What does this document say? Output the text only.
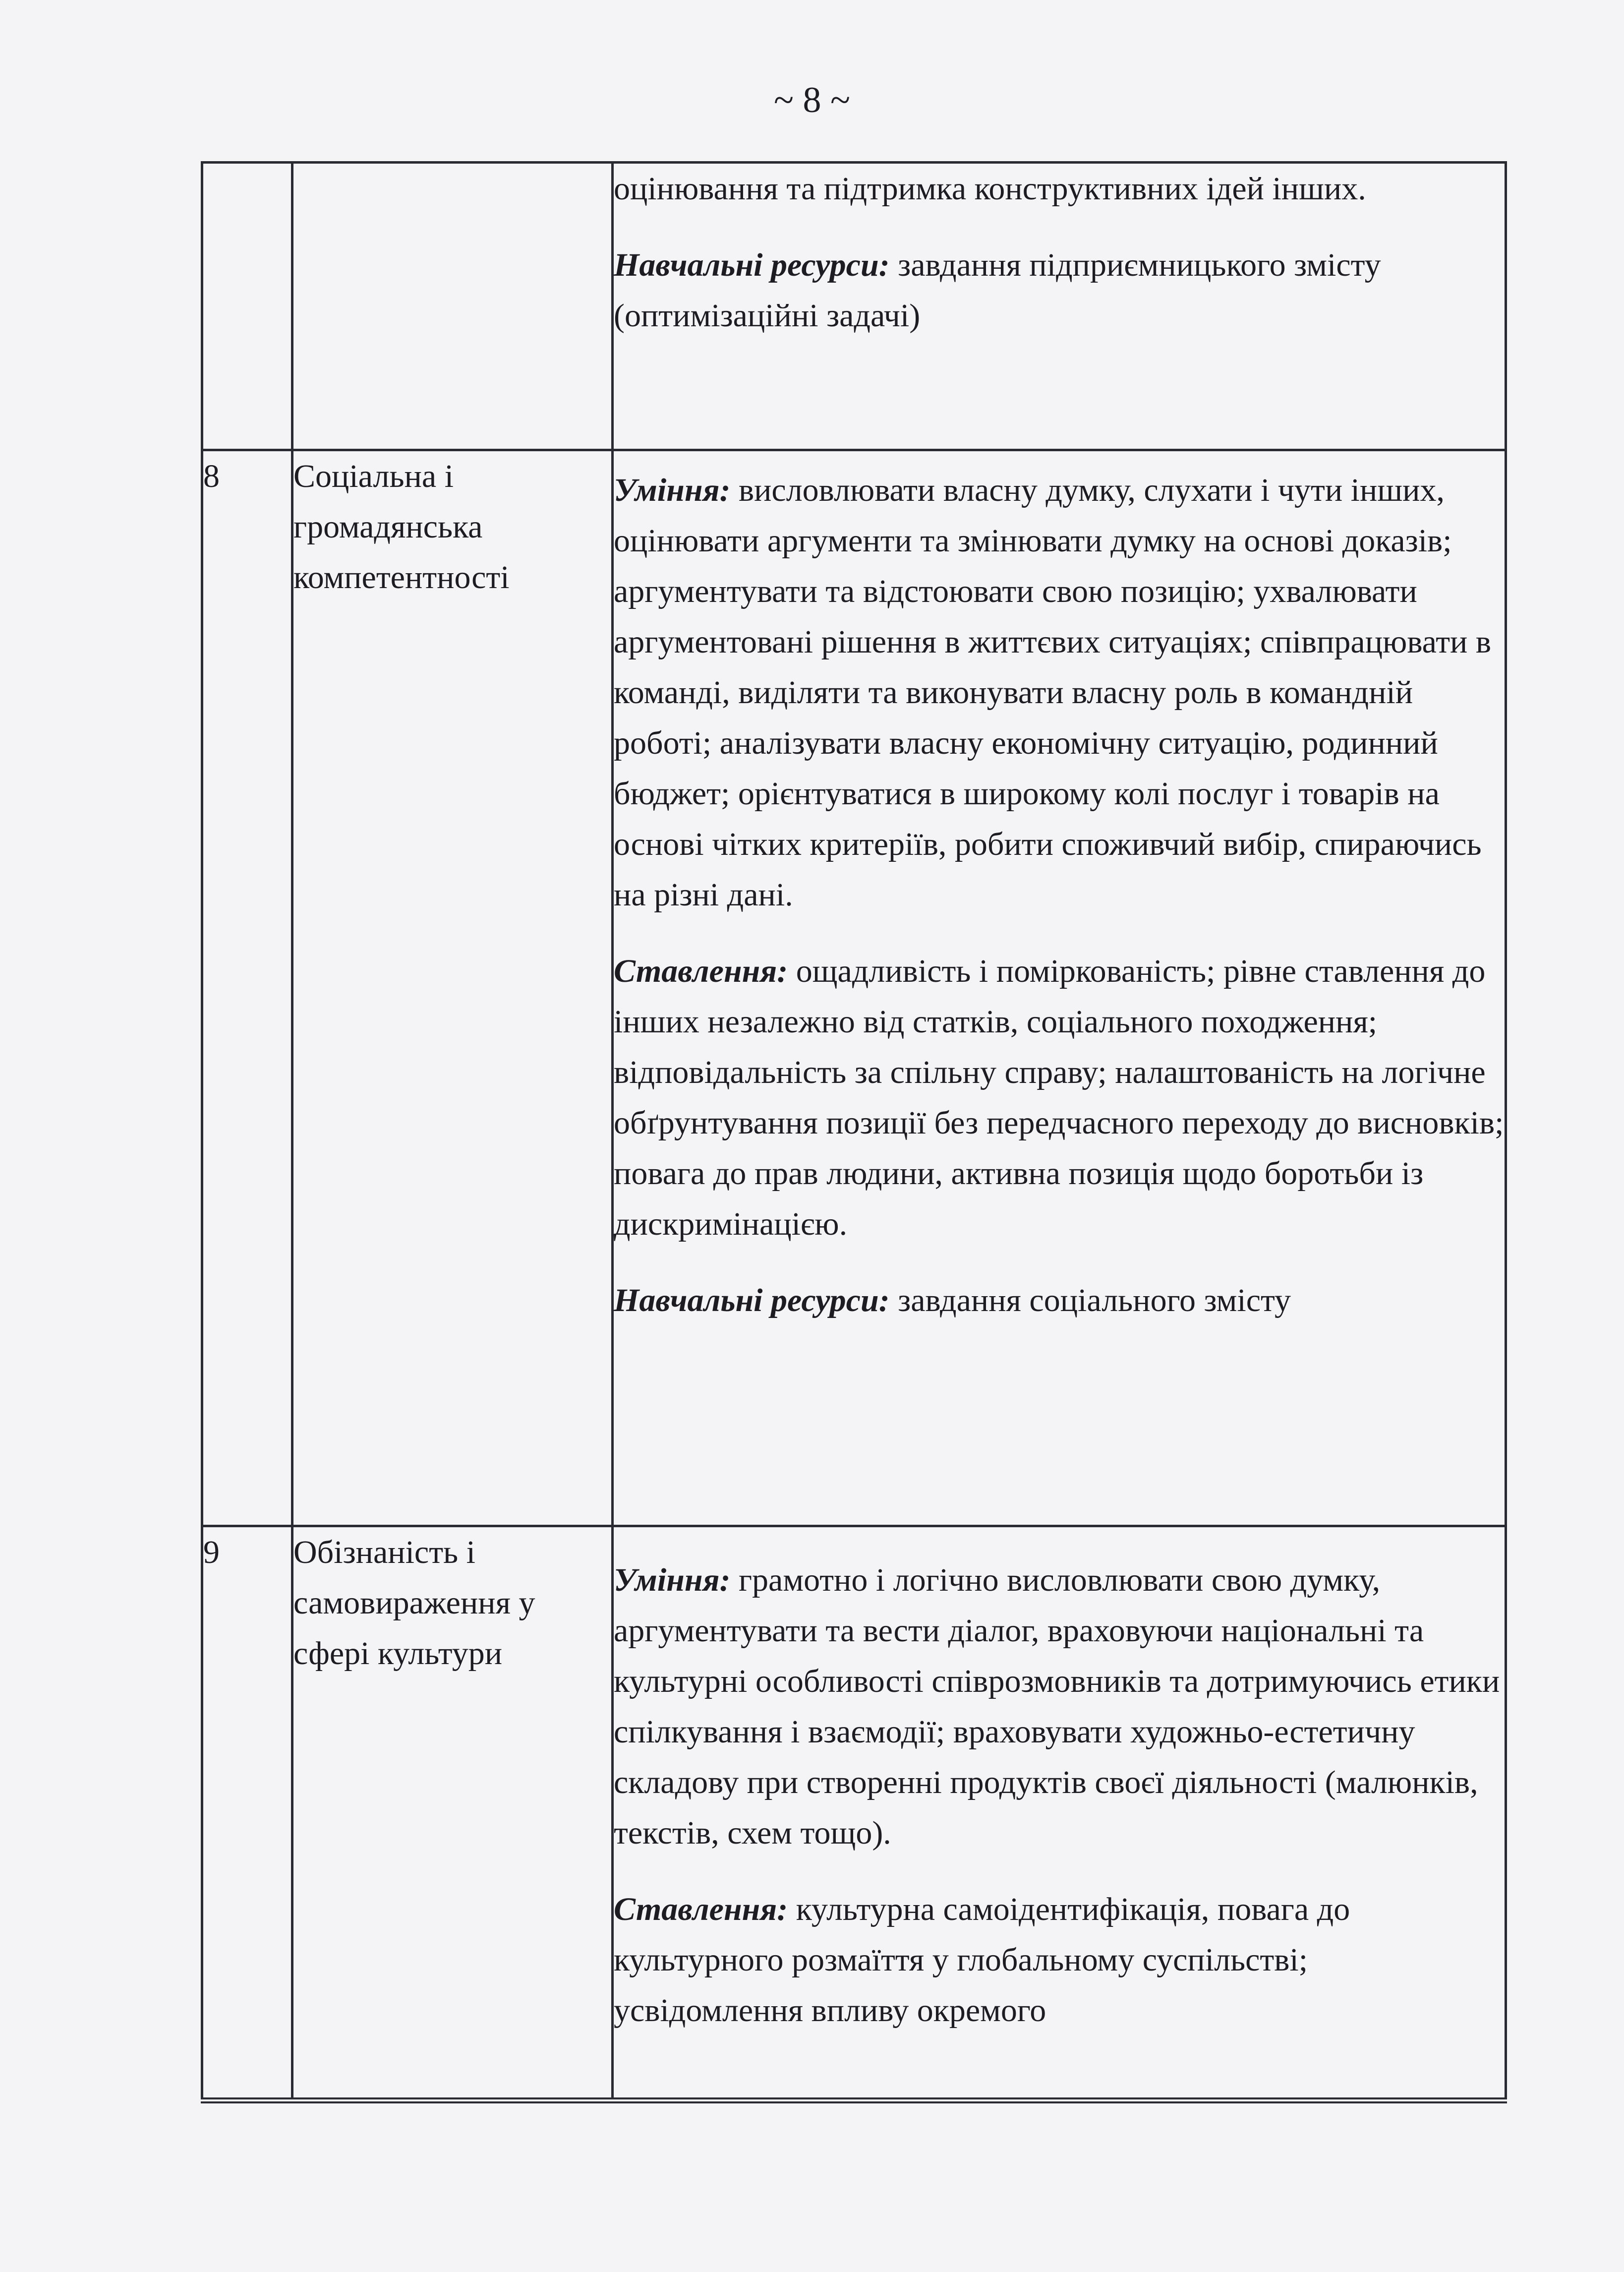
~ 8 ~

		оцінювання та підтримка конструктивних ідей інших.

Навчальні ресурси: завдання підприємницького змісту (оптимізаційні задачі)

8	Соціальна і громадянська компетентності	Уміння: висловлювати власну думку, слухати і чути інших, оцінювати аргументи та змінювати думку на основі доказів; аргументувати та відстоювати свою позицію; ухвалювати аргументовані рішення в життєвих ситуаціях; співпрацювати в команді, виділяти та виконувати власну роль в командній роботі; аналізувати власну економічну ситуацію, родинний бюджет; орієнтуватися в широкому колі послуг і товарів на основі чітких критеріїв, робити споживчий вибір, спираючись на різні дані.

Ставлення: ощадливість і поміркованість; рівне ставлення до інших незалежно від статків, соціального походження; відповідальність за спільну справу; налаштованість на логічне обґрунтування позиції без передчасного переходу до висновків; повага до прав людини, активна позиція щодо боротьби із дискримінацією.

Навчальні ресурси: завдання соціального змісту

9	Обізнаність і самовираження у сфері культури	Уміння: грамотно і логічно висловлювати свою думку, аргументувати та вести діалог, враховуючи національні та культурні особливості співрозмовників та дотримуючись етики спілкування і взаємодії; враховувати художньо-естетичну складову при створенні продуктів своєї діяльності (малюнків, текстів, схем тощо).

Ставлення: культурна самоідентифікація, повага до культурного розмаїття у глобальному суспільстві; усвідомлення впливу окремого
